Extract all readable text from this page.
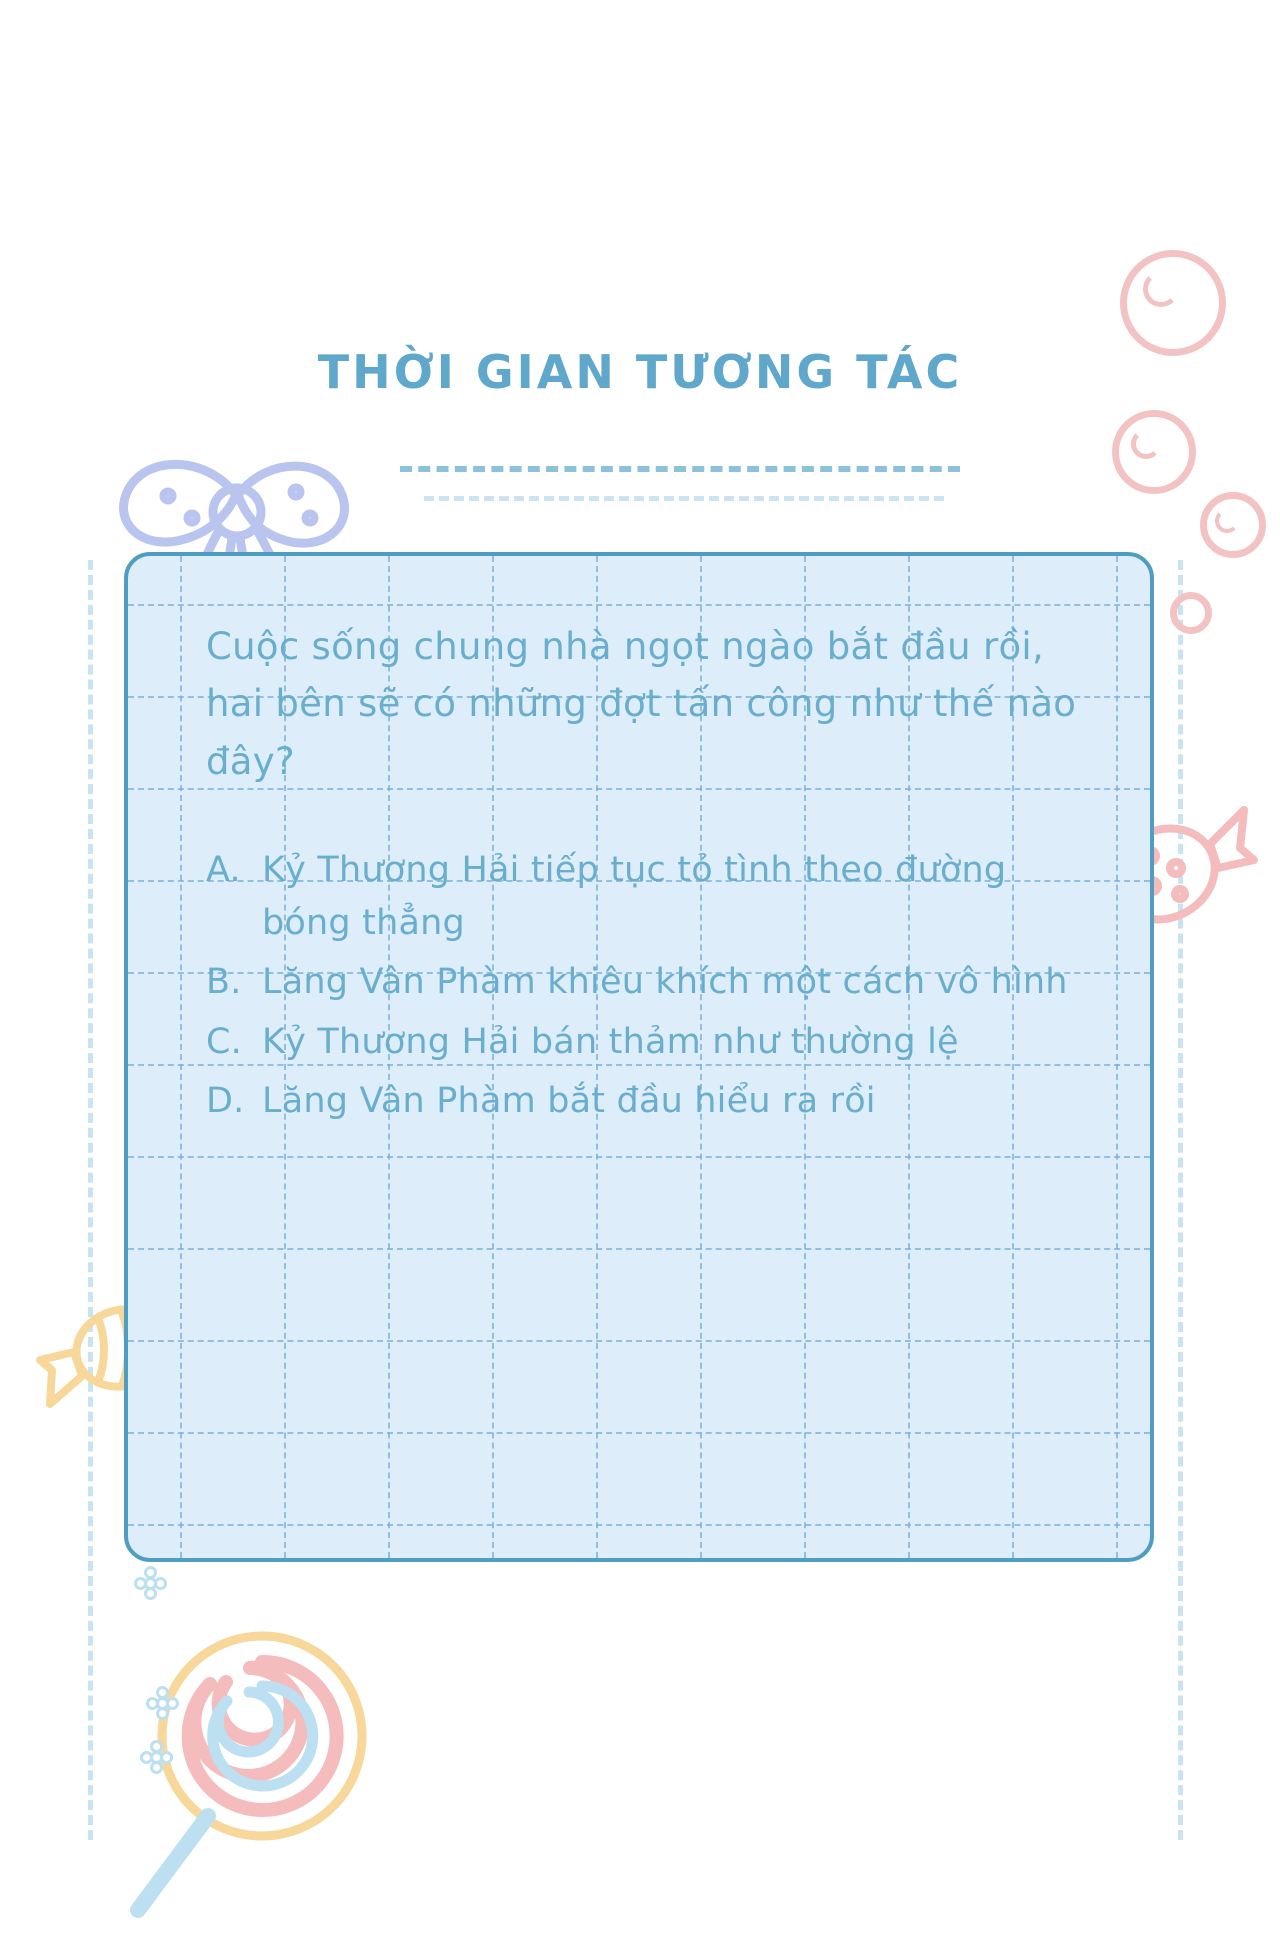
THỜI GIAN TƯƠNG TÁC

Cuộc sống chung nhà ngọt ngào bắt đầu rồi, hai bên sẽ có những đợt tấn công như thế nào đây?

A. Kỷ Thương Hải tiếp tục tỏ tình theo đường bóng thẳng
B. Lăng Vân Phàm khiêu khích một cách vô hình
C. Kỷ Thương Hải bán thảm như thường lệ
D. Lăng Vân Phàm bắt đầu hiểu ra rồi
